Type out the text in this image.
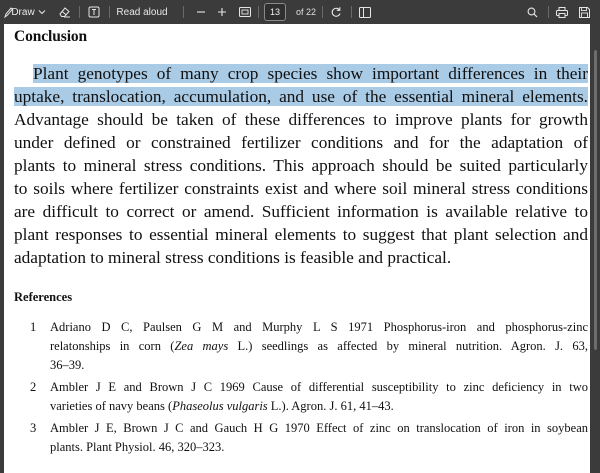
Draw	Read aloud	13	of 22
Conclusion
Plant genotypes of many crop species show important differences in their
uptake, translocation, accumulation, and use of the essential mineral elements.
Advantage should be taken of these differences to improve plants for growth
under defined or constrained fertilizer conditions and for the adaptation of
plants to mineral stress conditions. This approach should be suited particularly
to soils where fertilizer constraints exist and where soil mineral stress conditions
are difficult to correct or amend. Sufficient information is available relative to
plant responses to essential mineral elements to suggest that plant selection and
adaptation to mineral stress conditions is feasible and practical.
References
1 Adriano D C, Paulsen G M and Murphy L S 1971 Phosphorus-iron and phosphorus-zinc
relatonships in corn (Zea mays L.) seedlings as affected by mineral nutrition. Agron. J. 63,
36–39.
2 Ambler J E and Brown J C 1969 Cause of differential susceptibility to zinc deficiency in two
varieties of navy beans (Phaseolus vulgaris L.). Agron. J. 61, 41–43.
3 Ambler J E, Brown J C and Gauch H G 1970 Effect of zinc on translocation of iron in soybean
plants. Plant Physiol. 46, 320–323.
